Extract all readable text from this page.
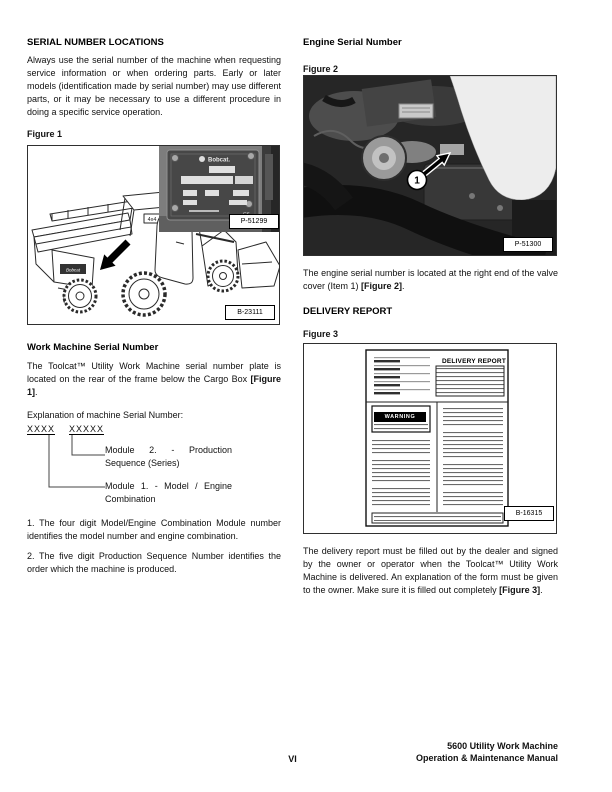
SERIAL NUMBER LOCATIONS

Always use the serial number of the machine when requesting service information or when ordering parts. Early or later models (identification made by serial number) may use different parts, or it may be necessary to use a different procedure in doing a specific service operation.

Figure 1
4x4
Bobcat
Bobcat.
P-51299
B-23111
Work Machine Serial Number

The Toolcat™ Utility Work Machine serial number plate is located on the rear of the frame below the Cargo Box [Figure 1].

Explanation of machine Serial Number:

XXXX XXXXX
Module 2. - Production Sequence (Series)
Module 1. - Model / Engine Combination

1. The four digit Model/Engine Combination Module number identifies the model number and engine combination.

2. The five digit Production Sequence Number identifies the order which the machine is produced.

Engine Serial Number
Figure 2
1
P-51300

The engine serial number is located at the right end of the valve cover (Item 1) [Figure 2].

DELIVERY REPORT
Figure 3
DELIVERY REPORT
WARNING
B-16315

The delivery report must be filled out by the dealer and signed by the owner or operator when the Toolcat™ Utility Work Machine is delivered. An explanation of the form must be given to the owner. Make sure it is filled out completely [Figure 3].

VI
5600 Utility Work Machine
Operation & Maintenance Manual
